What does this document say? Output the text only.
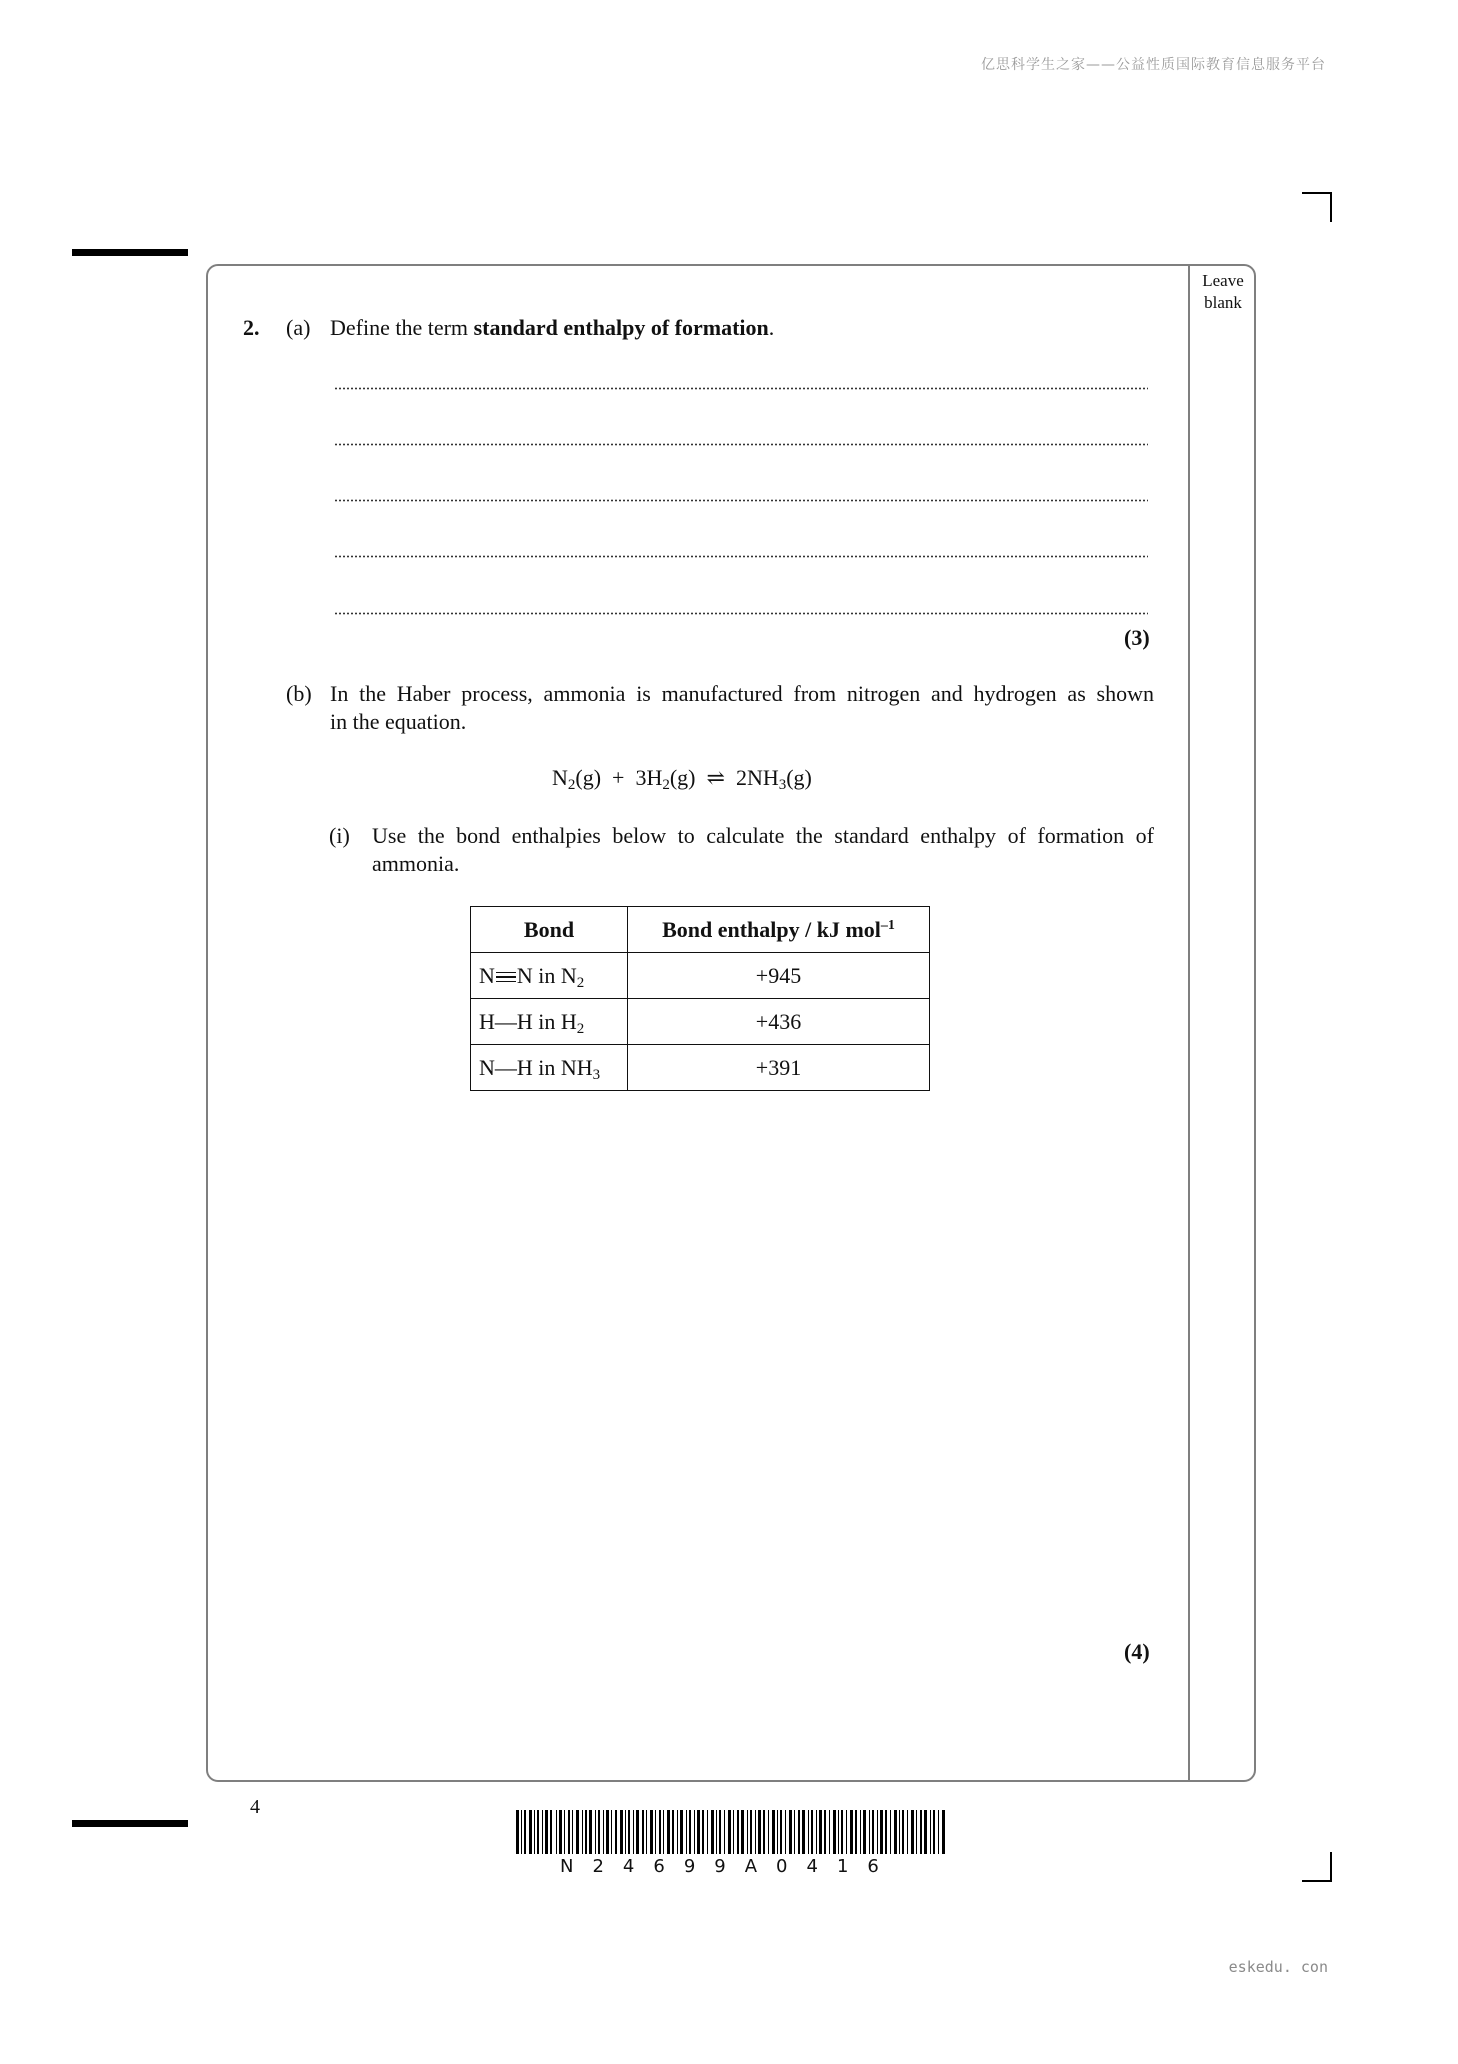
亿思科学生之家——公益性质国际教育信息服务平台
Leave
blank
2. (a) Define the term standard enthalpy of formation.
(3)
(b) In the Haber process, ammonia is manufactured from nitrogen and hydrogen as shown
in the equation.
$N_2(g) + 3H_2(g)$ ⇌ $2NH_3(g)$
(i) Use the bond enthalpies below to calculate the standard enthalpy of formation of
ammonia.
Bond	Bond enthalpy / kJ mol$^{-1}$
N N in $N_2$	+945
H—H in $H_2$	+436
N—H in $NH_3$	+391
(4)
4
N24699A0416
eskedu. con
